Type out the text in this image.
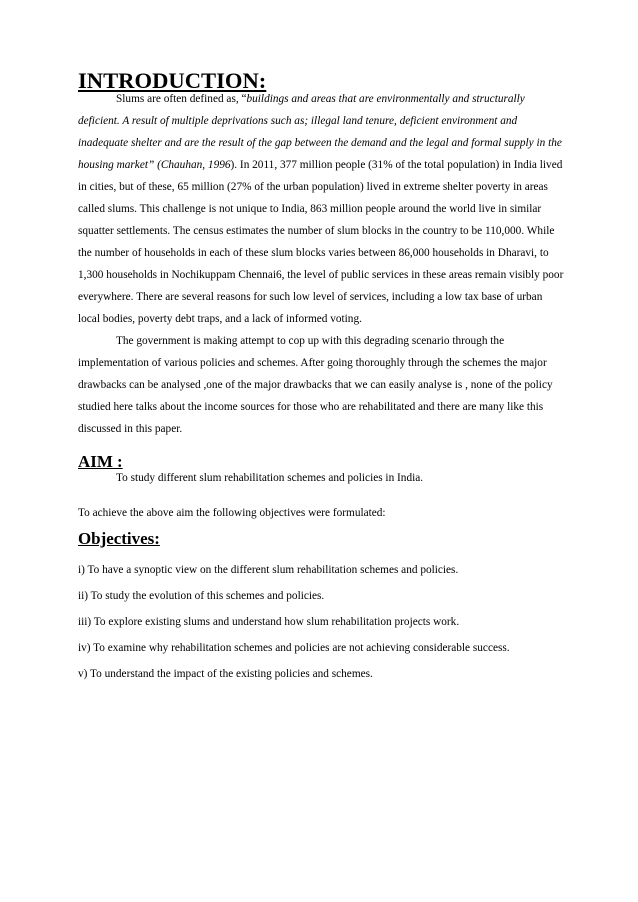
INTRODUCTION:

Slums are often defined as, “buildings and areas that are environmentally and structurally deficient. A result of multiple deprivations such as; illegal land tenure, deficient environment and inadequate shelter and are the result of the gap between the demand and the legal and formal supply in the housing market” (Chauhan, 1996). In 2011, 377 million people (31% of the total population) in India lived in cities, but of these, 65 million (27% of the urban population) lived in extreme shelter poverty in areas called slums. This challenge is not unique to India, 863 million people around the world live in similar squatter settlements. The census estimates the number of slum blocks in the country to be 110,000. While the number of households in each of these slum blocks varies between 86,000 households in Dharavi, to 1,300 households in Nochikuppam Chennai6, the level of public services in these areas remain visibly poor everywhere. There are several reasons for such low level of services, including a low tax base of urban local bodies, poverty debt traps, and a lack of informed voting.

The government is making attempt to cop up with this degrading scenario through the implementation of various policies and schemes. After going thoroughly through the schemes the major drawbacks can be analysed ,one of the major drawbacks that we can easily analyse is , none of the policy studied here talks about the income sources for those who are rehabilitated and there are many like this discussed in this paper.

AIM :

To study different slum rehabilitation schemes and policies in India.

To achieve the above aim the following objectives were formulated:

Objectives:

i) To have a synoptic view on the different slum rehabilitation schemes and policies.

ii) To study the evolution of this schemes and policies.

iii) To explore existing slums and understand how slum rehabilitation projects work.

iv) To examine why rehabilitation schemes and policies are not achieving considerable success.

v) To understand the impact of the existing policies and schemes.
